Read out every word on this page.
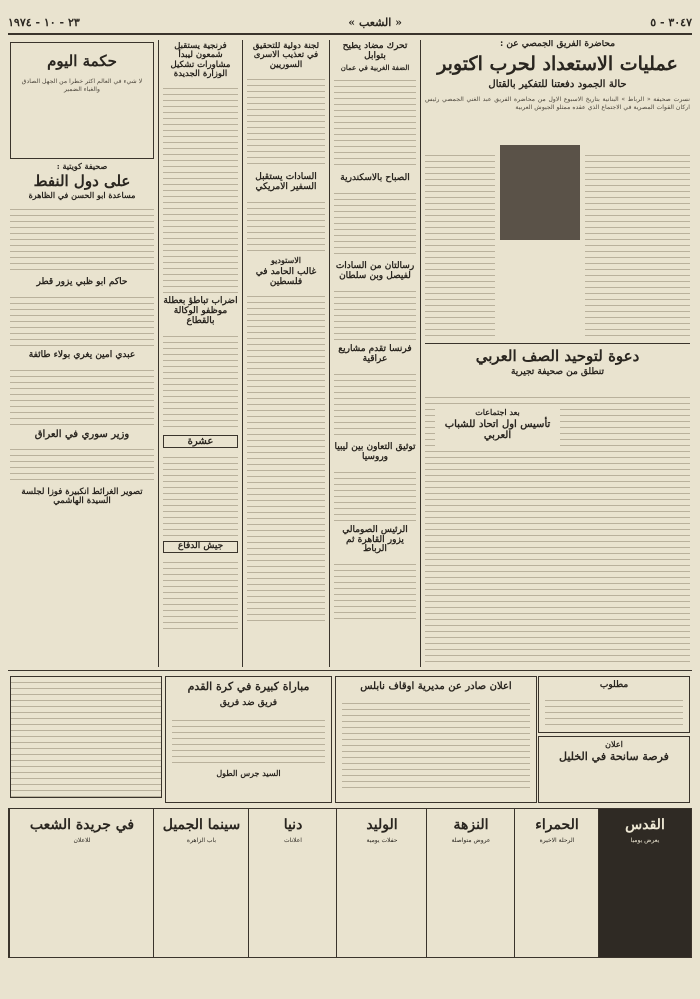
٣٠٤٧ - ٥
« الشعب »
٢٣ - ١٠ - ١٩٧٤
محاضرة الفريق الجمصي عن :
عمليات الاستعداد لحرب اكتوبر
حالة الجمود دفعتنا للتفكير بالقتال
نسرت صحيفة « الرباط » البنانية بتاريخ الاسبوع الاول من محاضرة الفريق عبد الغني الجمصي رئيس اركان القوات المصرية في الاجتماع الذي عقده ممثلو الجيوش العربية
دعوة لتوحيد الصف العربي
تنطلق من صحيفة تجيرية
بعد اجتماعات
تأسيس اول اتحاد للشباب العربي
تحرك مضاد يطيح بتوابل
الضفة الغربية في عمان
الصباح بالاسكندرية
رسالتان من السادات لفيصل وبن سلطان
فرنسا تقدم مشاريع عراقية
توثيق التعاون بين ليبيا وروسيا
الرئيس الصومالي يزور القاهرة ثم الرباط
لجنة دولية للتحقيق في تعذيب الاسرى السوريين
السادات يستقبل السفير الامريكي
الاستوديو
غالب الحامد في فلسطين
فرنجية يستقبل شمعون ليبدأ مشاورات تشكيل الوزارة الجديدة
اضراب تباطؤ بعطلة موظفو الوكالة بالقطاع
عشرة
جيش الدفاع
حكمة اليوم
لا شيء في العالم اكثر خطرا من الجهل الصادق والغباء الضمير
صحيفة كويتية :
على دول النفط
مساعدة ابو الحسن في الظاهرة
حاكم ابو ظبي يزور قطر
عبدي امين يغري بولاء طائفة
وزير سوري في العراق
تصوير الغرائط انكبيرة فوزا لجلسة السيدة الهاشمي
مباراة كبيرة في كرة القدم
فريق ضد فريق
السيد جرس الطول
اعلان صادر عن مديرية اوقاف نابلس	مطلوب
اعلان
فرصة سانحة في الخليل
القدس
يعرض يوميا
الحمراء
الرحلة الاخيرة
النزهة
عروض متواصلة
الوليد
حفلات يومية
دنيا
اعلانات
سينما الجميل
باب الزاهرة
في جريدة الشعب
للاعلان
